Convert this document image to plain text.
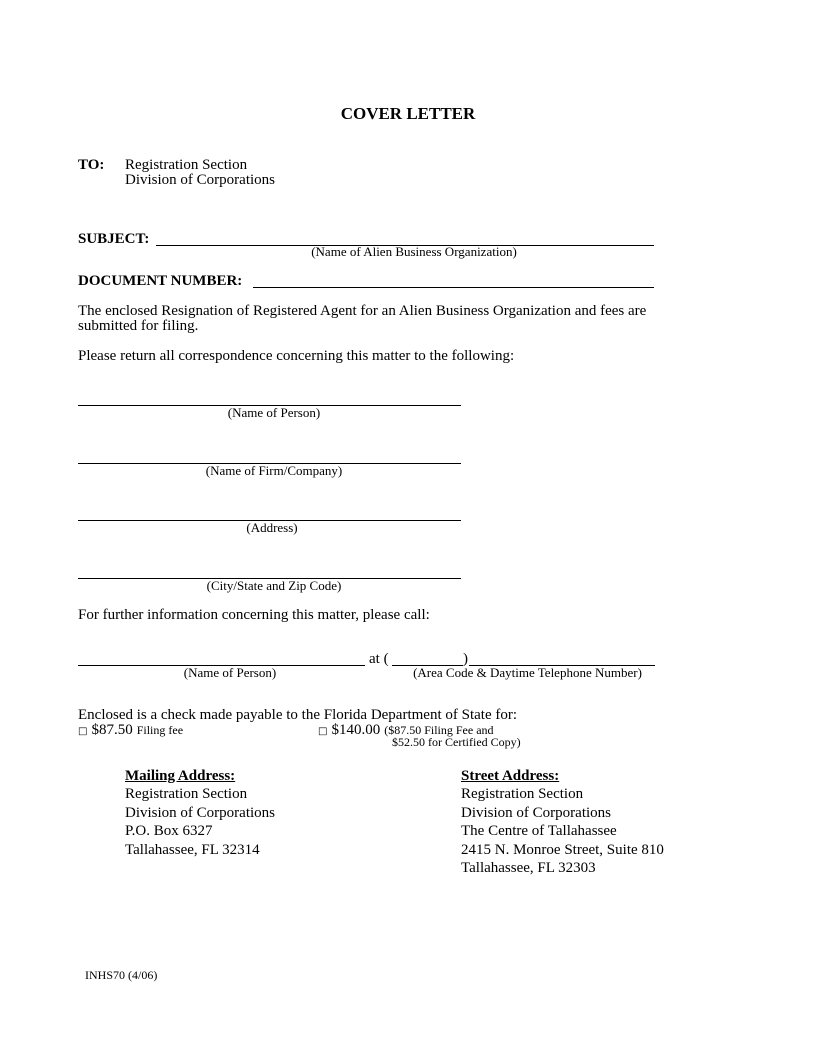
COVER LETTER
TO: Registration Section
Division of Corporations
SUBJECT:
(Name of Alien Business Organization)
DOCUMENT NUMBER:
The enclosed Resignation of Registered Agent for an Alien Business Organization and fees are
submitted for filing.
Please return all correspondence concerning this matter to the following:
(Name of Person)
(Name of Firm/Company)
(Address)
(City/State and Zip Code)
For further information concerning this matter, please call:
at (	)
(Name of Person)	(Area Code & Daytime Telephone Number)
Enclosed is a check made payable to the Florida Department of State for:
□ $87.50 Filing fee	□ $140.00 ($87.50 Filing Fee and
$52.50 for Certified Copy)
Mailing Address:
Registration Section
Division of Corporations
P.O. Box 6327
Tallahassee, FL 32314
Street Address:
Registration Section
Division of Corporations
The Centre of Tallahassee
2415 N. Monroe Street, Suite 810
Tallahassee, FL 32303
INHS70 (4/06)
